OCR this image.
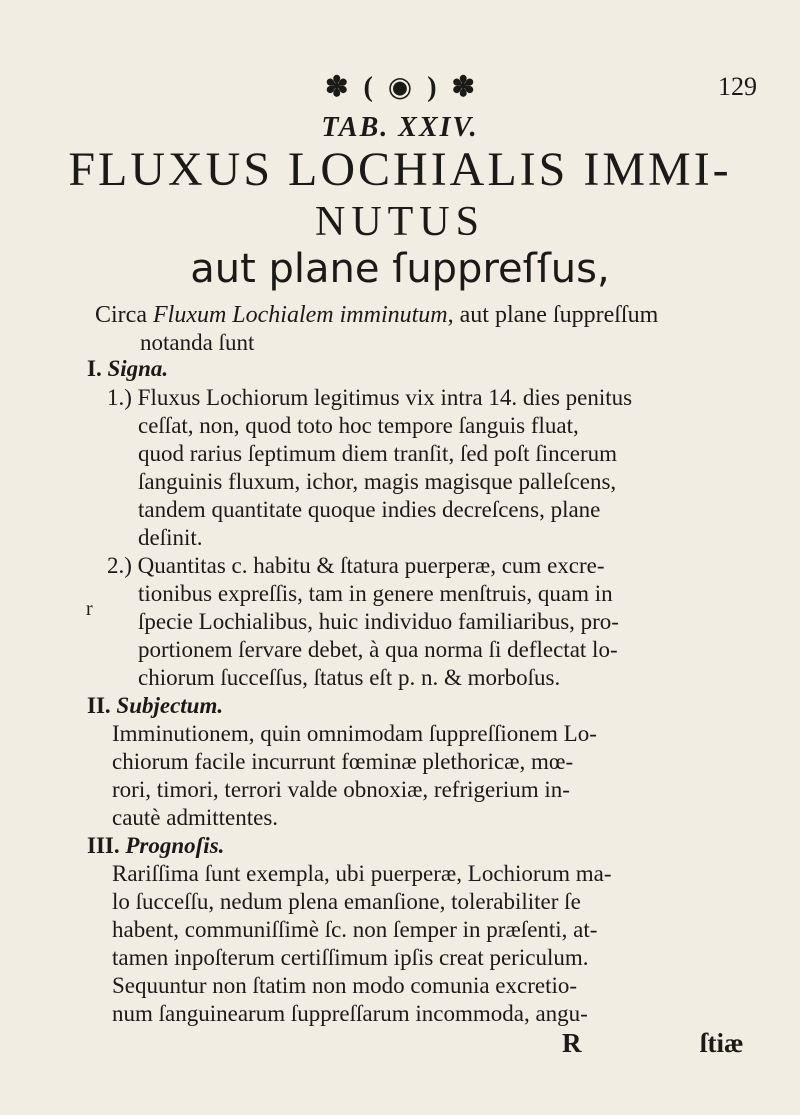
✽ ( ◉ ) ✽	129
TAB. XXIV.
FLUXUS LOCHIALIS IMMI-
NUTUS
aut plane ſuppreſſus,
Circa Fluxum Lochialem imminutum, aut plane ſuppreſſum
notanda ſunt
I. Signa.
1.) Fluxus Lochiorum legitimus vix intra 14. dies penitus
ceſſat, non, quod toto hoc tempore ſanguis fluat,
quod rarius ſeptimum diem tranſit, ſed poſt ſincerum
ſanguinis fluxum, ichor, magis magisque palleſcens,
tandem quantitate quoque indies decreſcens, plane
deſinit.
2.) Quantitas c. habitu & ſtatura puerperæ, cum excre-
tionibus expreſſis, tam in genere menſtruis, quam in
ſpecie Lochialibus, huic individuo familiaribus, pro-
portionem ſervare debet, à qua norma ſi deflectat lo-
r
chiorum ſucceſſus, ſtatus eſt p. n. & morboſus.
II. Subjectum.
Imminutionem, quin omnimodam ſuppreſſionem Lo-
chiorum facile incurrunt fœminæ plethoricæ, mœ-
rori, timori, terrori valde obnoxiæ, refrigerium in-
cautè admittentes.
III. Prognoſis.
Rariſſima ſunt exempla, ubi puerperæ, Lochiorum ma-
lo ſucceſſu, nedum plena emanſione, tolerabiliter ſe
habent, communiſſimè ſc. non ſemper in præſenti, at-
tamen inpoſterum certiſſimum ipſis creat periculum.
Sequuntur non ſtatim non modo comunia excretio-
num ſanguinearum ſuppreſſarum incommoda, angu-
R	ſtiæ
